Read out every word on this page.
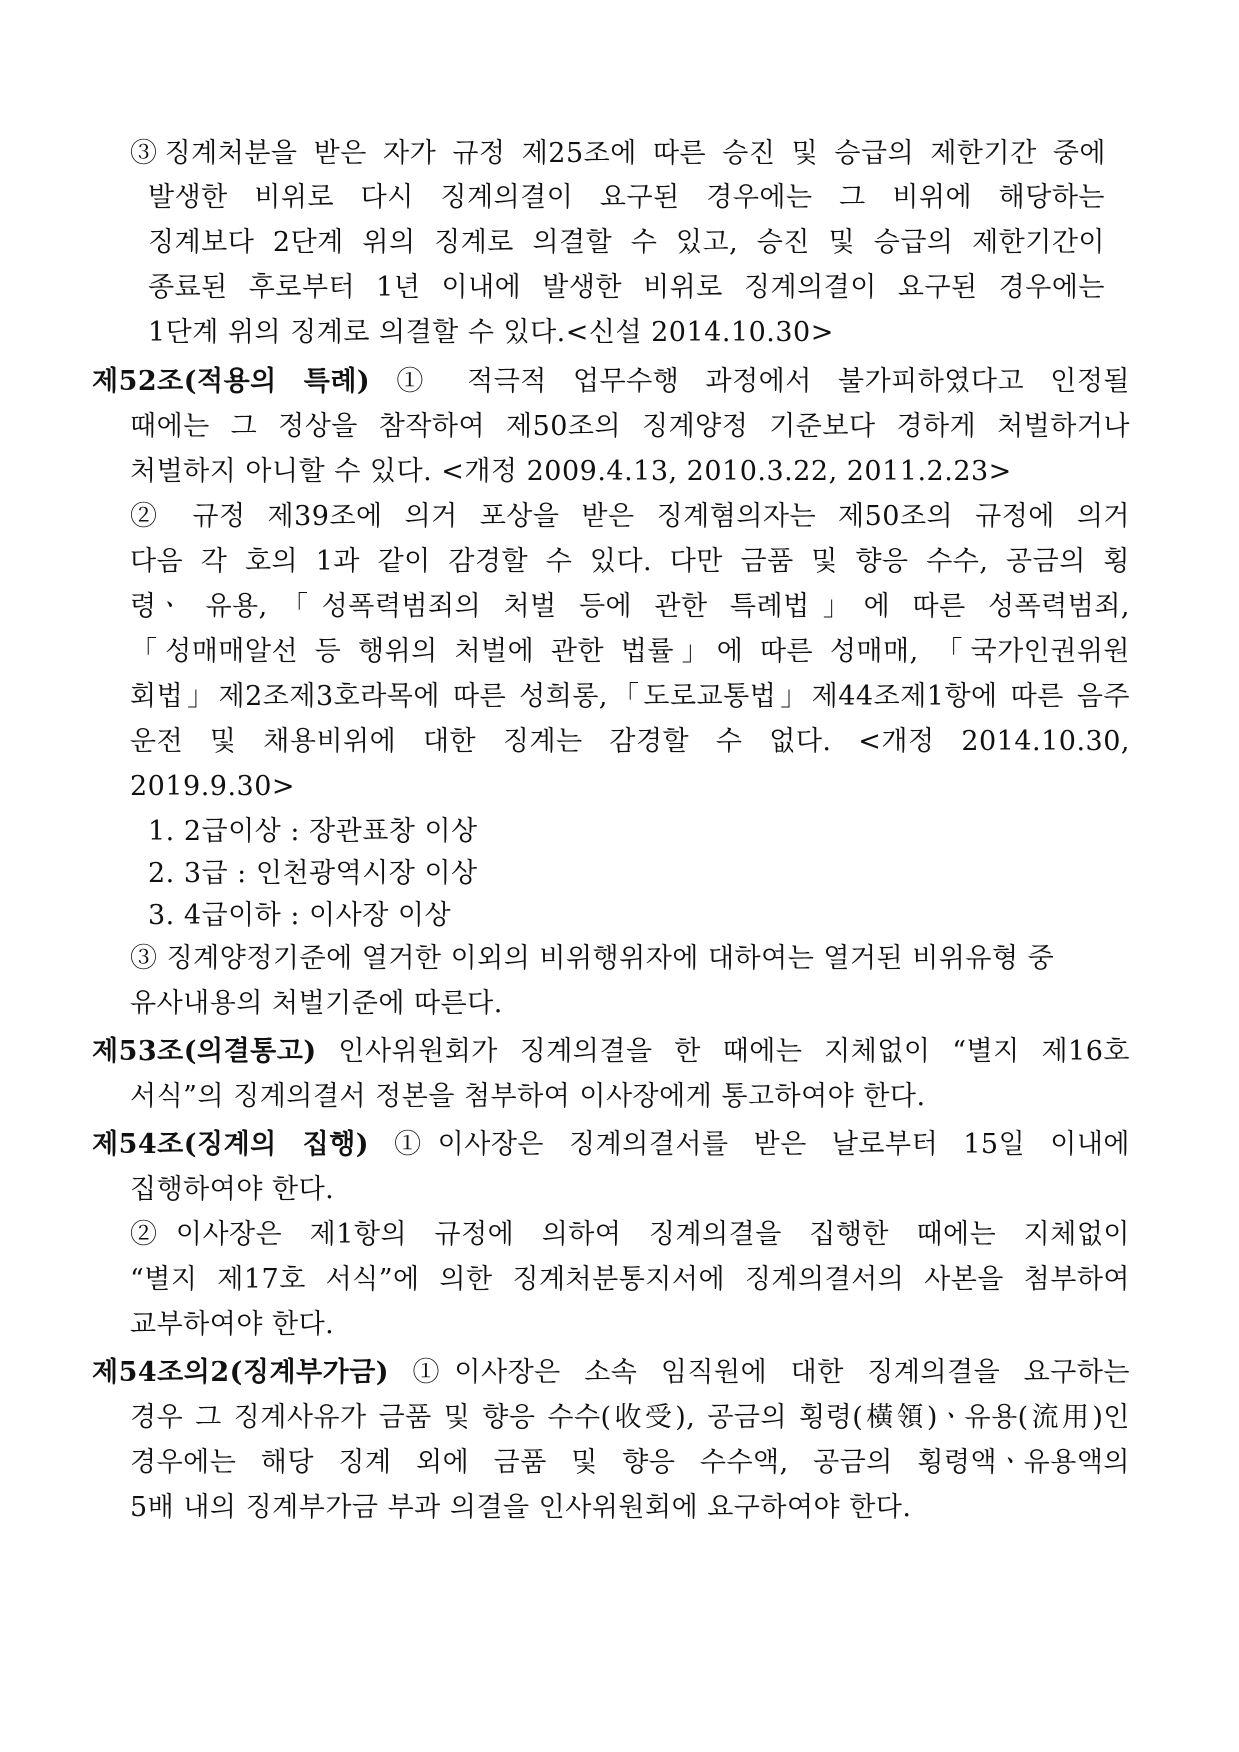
③징계처분을 받은 자가 규정 제25조에 따른 승진 및 승급의 제한기간 중에
발생한 비위로 다시 징계의결이 요구된 경우에는 그 비위에 해당하는
징계보다 2단계 위의 징계로 의결할 수 있고, 승진 및 승급의 제한기간이
종료된 후로부터 1년 이내에 발생한 비위로 징계의결이 요구된 경우에는
1단계 위의 징계로 의결할 수 있다.<신설 2014.10.30>
제52조(적용의 특례) ① 적극적 업무수행 과정에서 불가피하였다고 인정될
때에는 그 정상을 참작하여 제50조의 징계양정 기준보다 경하게 처벌하거나
처벌하지 아니할 수 있다. <개정 2009.4.13, 2010.3.22, 2011.2.23>
② 규정 제39조에 의거 포상을 받은 징계혐의자는 제50조의 규정에 의거
다음 각 호의 1과 같이 감경할 수 있다. 다만 금품 및 향응 수수, 공금의 횡
령ㆍ 유용,「성폭력범죄의 처벌 등에 관한 특례법」에 따른 성폭력범죄,
「성매매알선 등 행위의 처벌에 관한 법률」에 따른 성매매, 「국가인권위원
회법」제2조제3호라목에 따른 성희롱,「도로교통법」제44조제1항에 따른 음주
운전 및 채용비위에 대한 징계는 감경할 수 없다. <개정 2014.10.30,
2019.9.30>
1. 2급이상 : 장관표창 이상
2. 3급 : 인천광역시장 이상
3. 4급이하 : 이사장 이상
③ 징계양정기준에 열거한 이외의 비위행위자에 대하여는 열거된 비위유형 중
유사내용의 처벌기준에 따른다.
제53조(의결통고) 인사위원회가 징계의결을 한 때에는 지체없이 “별지 제16호
서식”의 징계의결서 정본을 첨부하여 이사장에게 통고하여야 한다.
제54조(징계의 집행) ①이사장은 징계의결서를 받은 날로부터 15일 이내에
집행하여야 한다.
②이사장은 제1항의 규정에 의하여 징계의결을 집행한 때에는 지체없이
“별지 제17호 서식”에 의한 징계처분통지서에 징계의결서의 사본을 첨부하여
교부하여야 한다.
제54조의2(징계부가금) ①이사장은 소속 임직원에 대한 징계의결을 요구하는
경우 그 징계사유가 금품 및 향응 수수(收受), 공금의 횡령(橫領)ㆍ유용(流用)인
경우에는 해당 징계 외에 금품 및 향응 수수액, 공금의 횡령액ㆍ유용액의
5배 내의 징계부가금 부과 의결을 인사위원회에 요구하여야 한다.
